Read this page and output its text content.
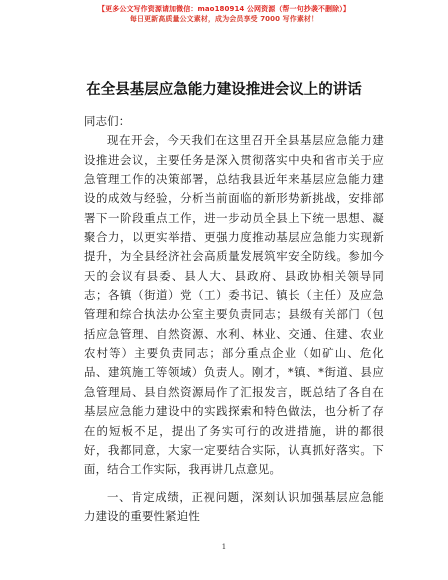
【更多公文写作资源请加微信：mao180914 公网资源（帮一句抄袭不删除）】
每日更新高质量公文素材，成为会员享受 7000 写作素材！
在全县基层应急能力建设推进会议上的讲话

同志们：

现在开会，今天我们在这里召开全县基层应急能力建设推进会议，主要任务是深入贯彻落实中央和省市关于应急管理工作的决策部署，总结我县近年来基层应急能力建设的成效与经验，分析当前面临的新形势新挑战，安排部署下一阶段重点工作，进一步动员全县上下统一思想、凝聚合力，以更实举措、更强力度推动基层应急能力实现新提升，为全县经济社会高质量发展筑牢安全防线。参加今天的会议有县委、县人大、县政府、县政协相关领导同志；各镇（街道）党（工）委书记、镇长（主任）及应急管理和综合执法办公室主要负责同志；县级有关部门（包括应急管理、自然资源、水利、林业、交通、住建、农业农村等）主要负责同志；部分重点企业（如矿山、危化品、建筑施工等领域）负责人。刚才，*镇、*街道、县应急管理局、县自然资源局作了汇报发言，既总结了各自在基层应急能力建设中的实践探索和特色做法，也分析了存在的短板不足，提出了务实可行的改进措施，讲的都很好，我都同意，大家一定要结合实际，认真抓好落实。下面，结合工作实际，我再讲几点意见。

一、肯定成绩，正视问题，深刻认识加强基层应急能力建设的重要性紧迫性

1
